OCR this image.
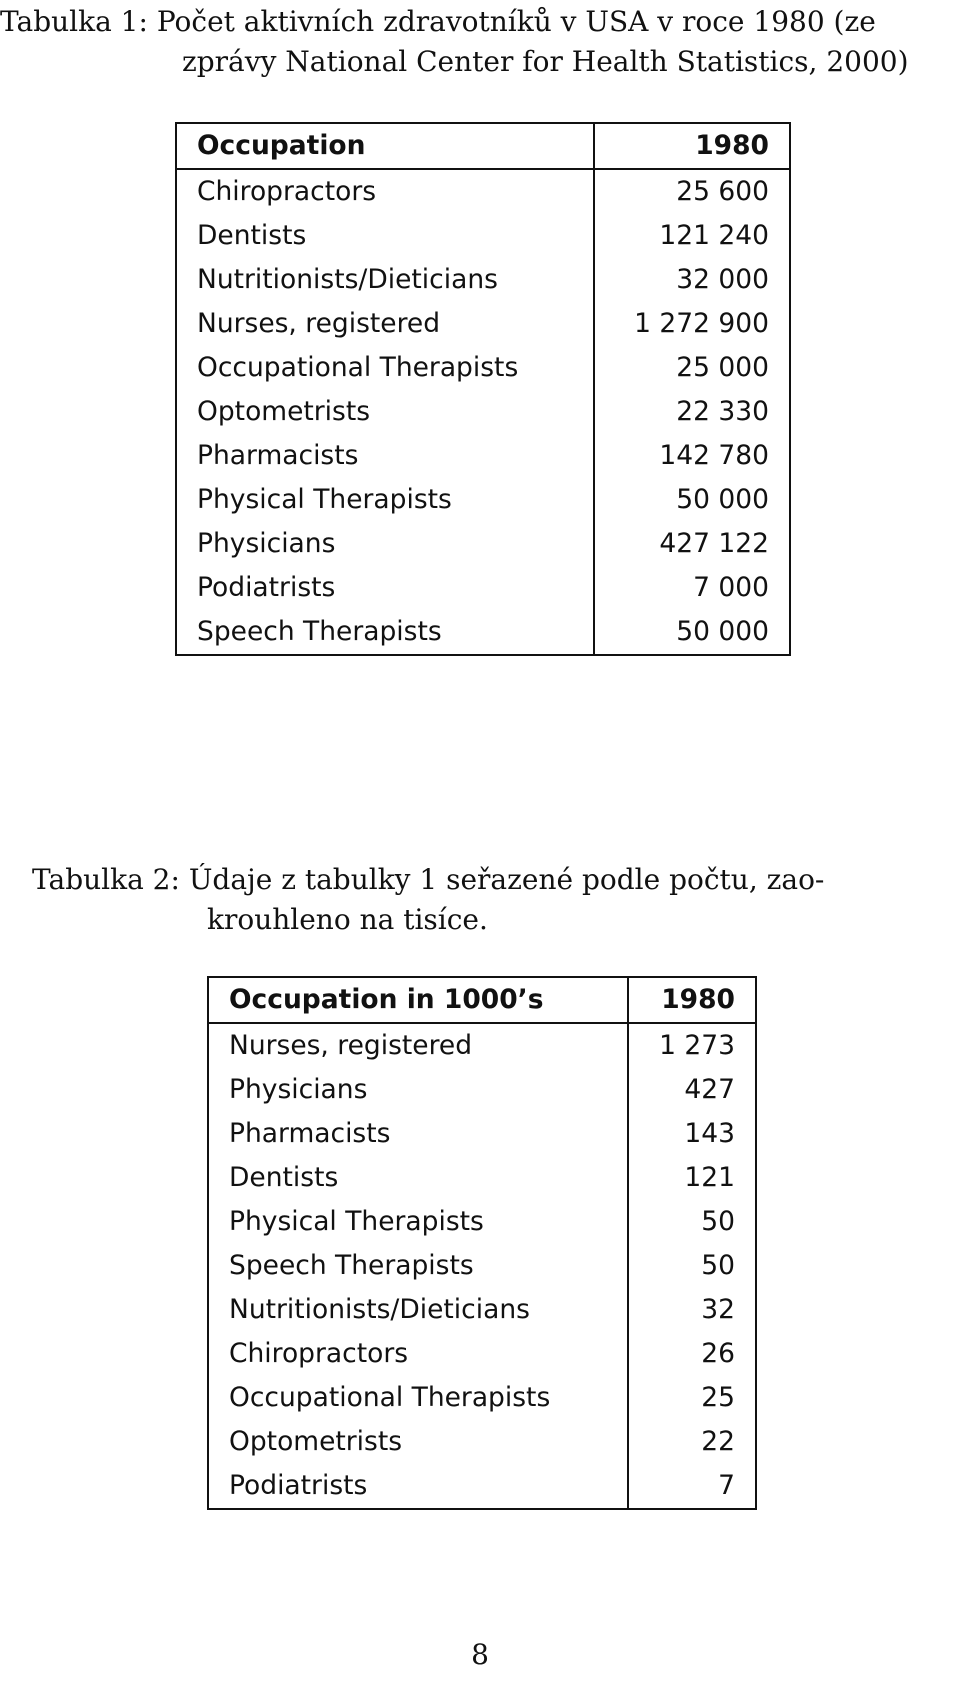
Tabulka 1: Počet aktivních zdravotníků v USA v roce 1980 (ze
zprávy National Center for Health Statistics, 2000)
Occupation	1980
Chiropractors	25 600
Dentists	121 240
Nutritionists/Dieticians	32 000
Nurses, registered	1 272 900
Occupational Therapists	25 000
Optometrists	22 330
Pharmacists	142 780
Physical Therapists	50 000
Physicians	427 122
Podiatrists	7 000
Speech Therapists	50 000
Tabulka 2: Údaje z tabulky 1 seřazené podle počtu, zao-
krouhleno na tisíce.
Occupation in 1000’s	1980
Nurses, registered	1 273
Physicians	427
Pharmacists	143
Dentists	121
Physical Therapists	50
Speech Therapists	50
Nutritionists/Dieticians	32
Chiropractors	26
Occupational Therapists	25
Optometrists	22
Podiatrists	7
8
